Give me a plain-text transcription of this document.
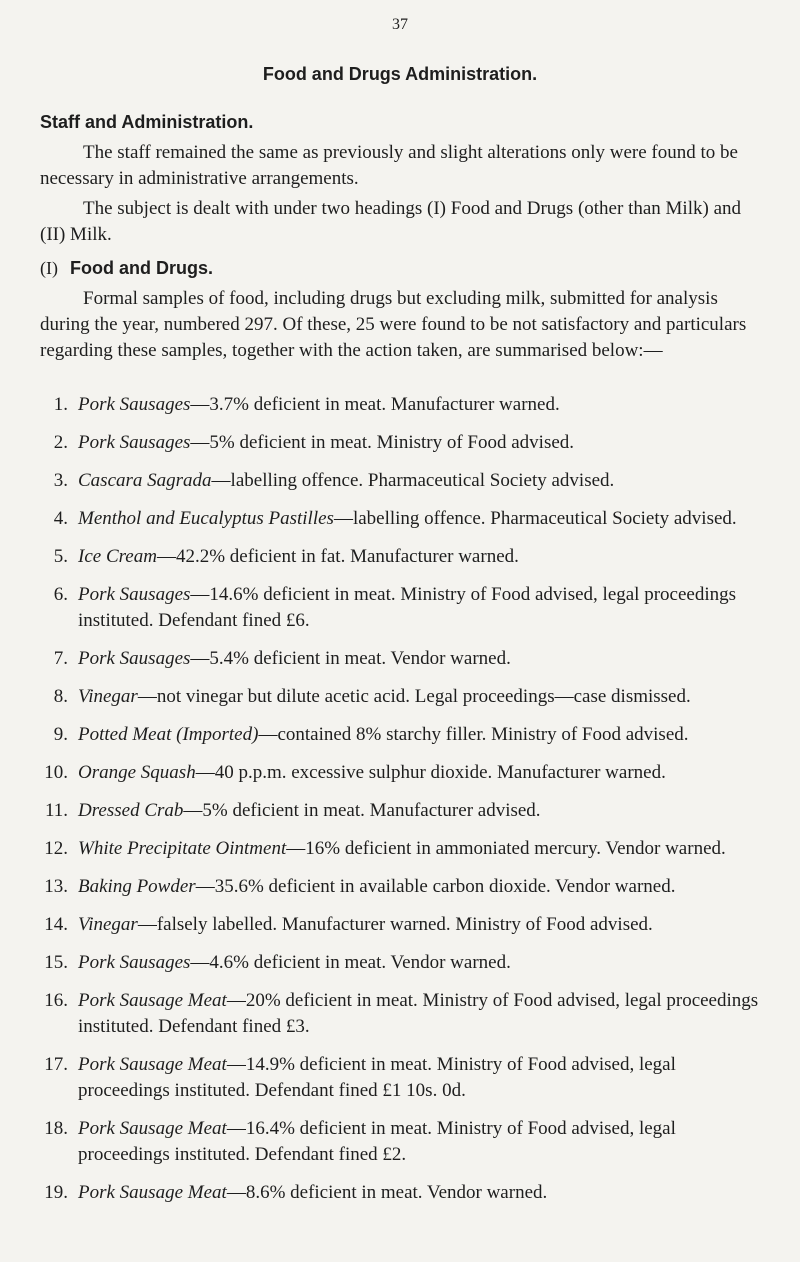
37
Food and Drugs Administration.
Staff and Administration.

The staff remained the same as previously and slight alterations only were found to be necessary in administrative arrangements.

The subject is dealt with under two headings (I) Food and Drugs (other than Milk) and (II) Milk.

(I) Food and Drugs.

Formal samples of food, including drugs but excluding milk, submitted for analysis during the year, numbered 297. Of these, 25 were found to be not satisfactory and particulars regarding these samples, together with the action taken, are summarised below:—

1. Pork Sausages—3.7% deficient in meat. Manufacturer warned.
2. Pork Sausages—5% deficient in meat. Ministry of Food advised.
3. Cascara Sagrada—labelling offence. Pharmaceutical Society advised.
4. Menthol and Eucalyptus Pastilles—labelling offence. Pharmaceutical Society advised.
5. Ice Cream—42.2% deficient in fat. Manufacturer warned.
6. Pork Sausages—14.6% deficient in meat. Ministry of Food advised, legal proceedings instituted. Defendant fined £6.
7. Pork Sausages—5.4% deficient in meat. Vendor warned.
8. Vinegar—not vinegar but dilute acetic acid. Legal proceedings—case dismissed.
9. Potted Meat (Imported)—contained 8% starchy filler. Ministry of Food advised.
10. Orange Squash—40 p.p.m. excessive sulphur dioxide. Manufacturer warned.
11. Dressed Crab—5% deficient in meat. Manufacturer advised.
12. White Precipitate Ointment—16% deficient in ammoniated mercury. Vendor warned.
13. Baking Powder—35.6% deficient in available carbon dioxide. Vendor warned.
14. Vinegar—falsely labelled. Manufacturer warned. Ministry of Food advised.
15. Pork Sausages—4.6% deficient in meat. Vendor warned.
16. Pork Sausage Meat—20% deficient in meat. Ministry of Food advised, legal proceedings instituted. Defendant fined £3.
17. Pork Sausage Meat—14.9% deficient in meat. Ministry of Food advised, legal proceedings instituted. Defendant fined £1 10s. 0d.
18. Pork Sausage Meat—16.4% deficient in meat. Ministry of Food advised, legal proceedings instituted. Defendant fined £2.
19. Pork Sausage Meat—8.6% deficient in meat. Vendor warned.
